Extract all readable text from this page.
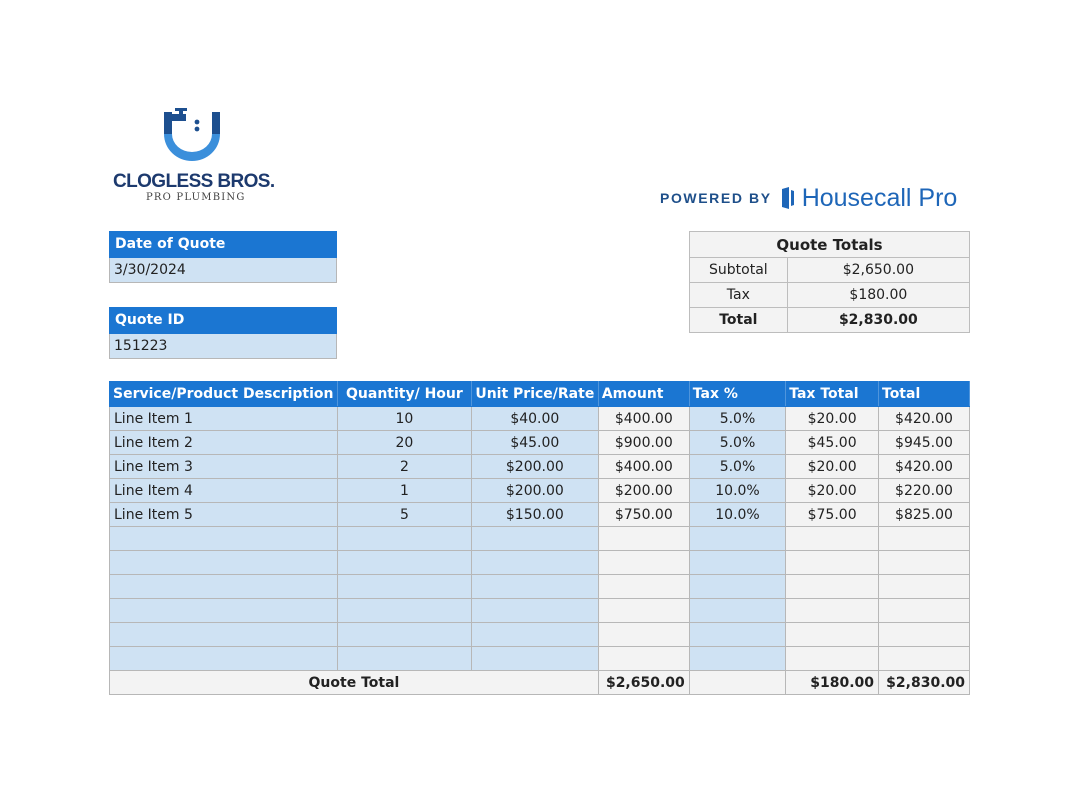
CLOGLESS BROS.
PRO PLUMBING	POWERED BY Housecall Pro
Date of Quote
3/30/2024
Quote ID
151223
Quote Totals	
Subtotal	$2,650.00
Tax	$180.00
Total	$2,830.00
Service/Product Description	Quantity/ Hour	Unit Price/Rate	Amount	Tax %	Tax Total	Total
Line Item 1	10	$40.00	$400.00	5.0%	$20.00	$420.00
Line Item 2	20	$45.00	$900.00	5.0%	$45.00	$945.00
Line Item 3	2	$200.00	$400.00	5.0%	$20.00	$420.00
Line Item 4	1	$200.00	$200.00	10.0%	$20.00	$220.00
Line Item 5	5	$150.00	$750.00	10.0%	$75.00	$825.00

Quote Total			$2,650.00		$180.00	$2,830.00
